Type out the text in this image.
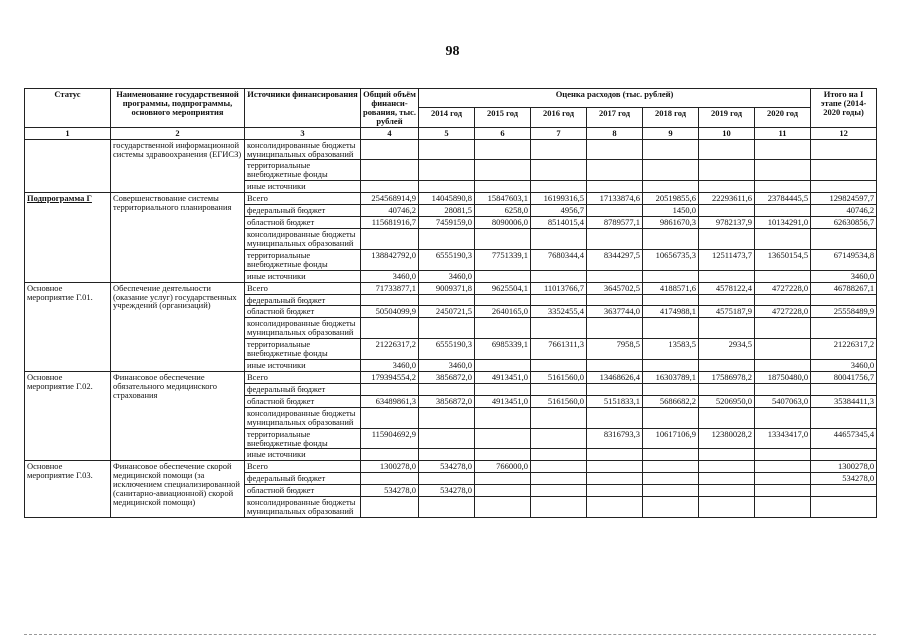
98
Статус	Наименование государственной программы, подпрограммы, основного мероприятия	Источники финансирования	Общий объём финанси-рования, тыс. рублей	Оценка расходов (тыс. рублей)							Итого на I этапе (2014-2020 годы)
				2014 год	2015 год	2016 год	2017 год	2018 год	2019 год	2020 год	
1	2	3	4	5	6	7	8	9	10	11	12
	государственной информационной системы здравоохранения (ЕГИСЗ)	консолидированные бюджеты муниципальных образований									
		территориальные внебюджетные фонды									
		иные источники									
Подпрограмма Г	Совершенствование системы территориального планирования	Всего	254568914,9	14045890,8	15847603,1	16199316,5	17133874,6	20519855,6	22293611,6	23784445,5	129824597,7
		федеральный бюджет	40746,2	28081,5	6258,0	4956,7		1450,0			40746,2
		областной бюджет	115681916,7	7459159,0	8090006,0	8514015,4	8789577,1	9861670,3	9782137,9	10134291,0	62630856,7
		консолидированные бюджеты муниципальных образований									
		территориальные внебюджетные фонды	138842792,0	6555190,3	7751339,1	7680344,4	8344297,5	10656735,3	12511473,7	13650154,5	67149534,8
		иные источники	3460,0	3460,0							3460,0
Основное мероприятие Г.01.	Обеспечение деятельности (оказание услуг) государственных учреждений (организаций)	Всего	71733877,1	9009371,8	9625504,1	11013766,7	3645702,5	4188571,6	4578122,4	4727228,0	46788267,1
		федеральный бюджет									
		областной бюджет	50504099,9	2450721,5	2640165,0	3352455,4	3637744,0	4174988,1	4575187,9	4727228,0	25558489,9
		консолидированные бюджеты муниципальных образований									
		территориальные внебюджетные фонды	21226317,2	6555190,3	6985339,1	7661311,3	7958,5	13583,5	2934,5		21226317,2
		иные источники	3460,0	3460,0							3460,0
Основное мероприятие Г.02.	Финансовое обеспечение обязательного медицинского страхования	Всего	179394554,2	3856872,0	4913451,0	5161560,0	13468626,4	16303789,1	17586978,2	18750480,0	80041756,7
		федеральный бюджет									
		областной бюджет	63489861,3	3856872,0	4913451,0	5161560,0	5151833,1	5686682,2	5206950,0	5407063,0	35384411,3
		консолидированные бюджеты муниципальных образований									
		территориальные внебюджетные фонды	115904692,9				8316793,3	10617106,9	12380028,2	13343417,0	44657345,4
		иные источники									
Основное мероприятие Г.03.	Финансовое обеспечение скорой медицинской помощи (за исключением специализированной (санитарно-авиационной) скорой медицинской помощи)	Всего	1300278,0	534278,0	766000,0						1300278,0
		федеральный бюджет									534278,0
		областной бюджет	534278,0	534278,0							
		консолидированные бюджеты муниципальных образований									
